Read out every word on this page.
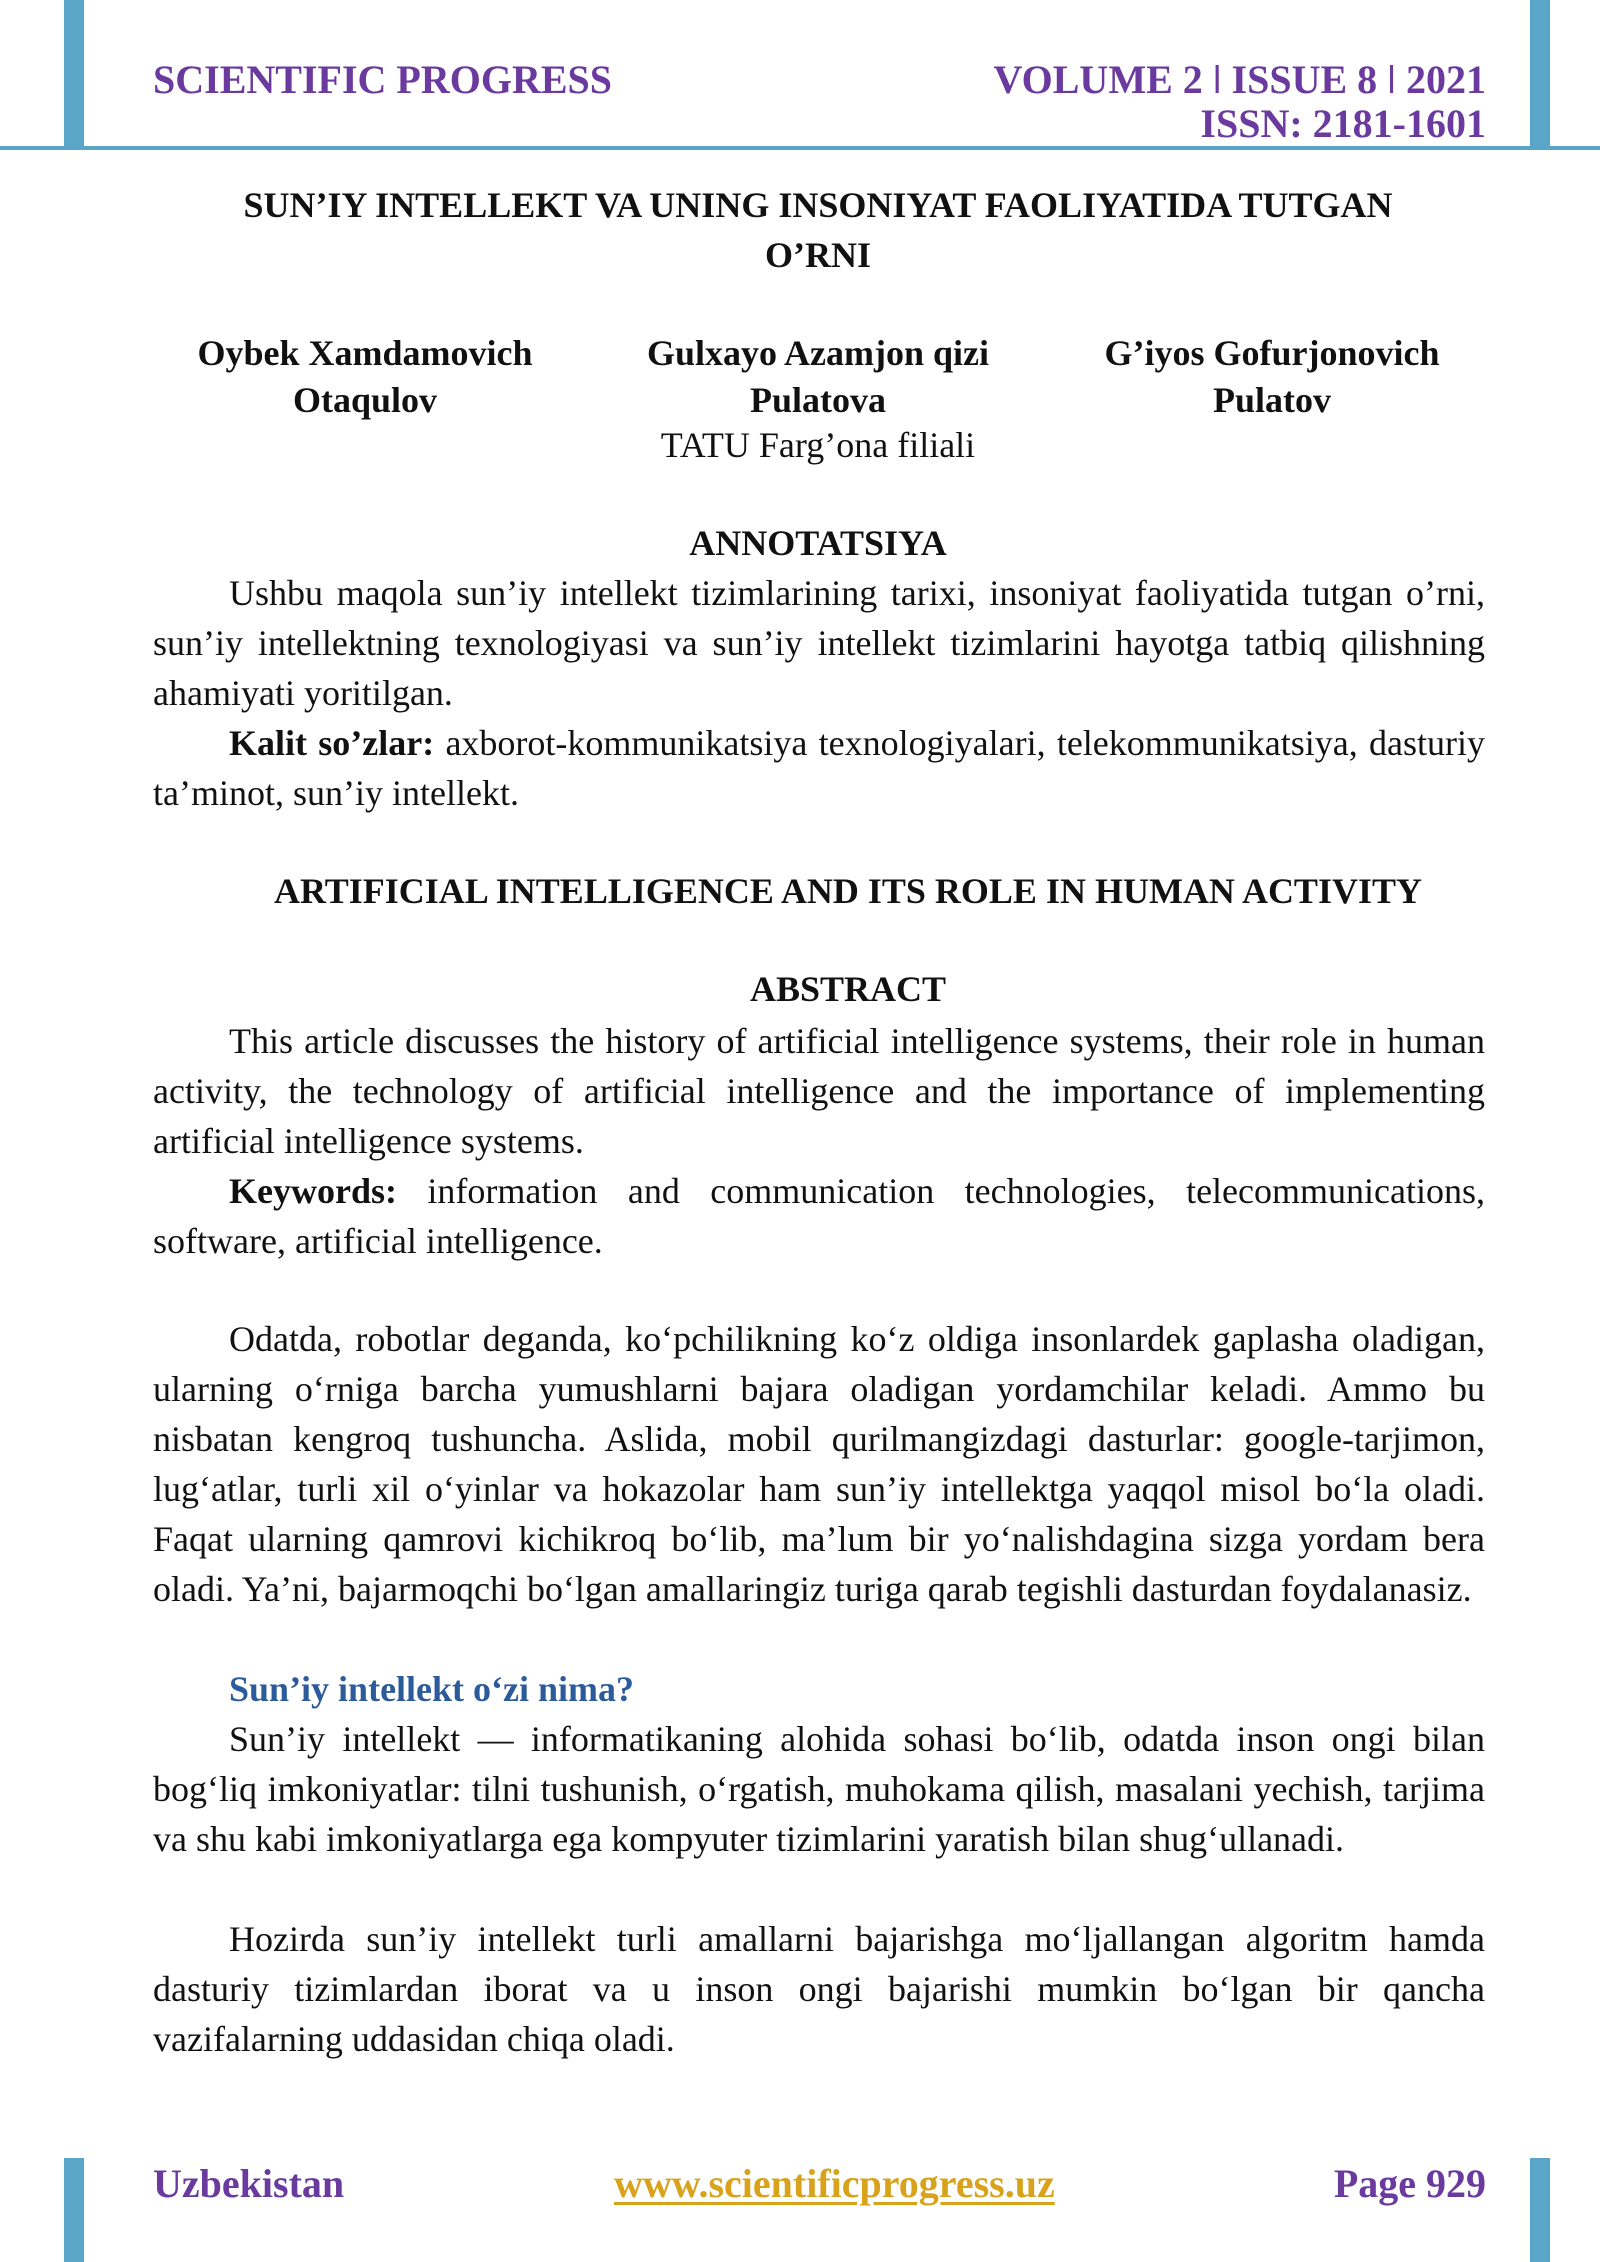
SCIENTIFIC PROGRESS	VOLUME 2 ǀ ISSUE 8 ǀ 2021
ISSN: 2181-1601
SUN’IY INTELLEKT VA UNING INSONIYAT FAOLIYATIDA TUTGAN
O’RNI
Oybek Xamdamovich
Otaqulov
Gulxayo Azamjon qizi
Pulatova
G’iyos Gofurjonovich
Pulatov
TATU Farg’ona filiali
ANNOTATSIYA
Ushbu maqola sun’iy intellekt tizimlarining tarixi, insoniyat faoliyatida tutgan o’rni, sun’iy intellektning texnologiyasi va sun’iy intellekt tizimlarini hayotga tatbiq qilishning ahamiyati yoritilgan.
Kalit so’zlar: axborot-kommunikatsiya texnologiyalari, telekommunikatsiya, dasturiy ta’minot, sun’iy intellekt.
ARTIFICIAL INTELLIGENCE AND ITS ROLE IN HUMAN ACTIVITY
ABSTRACT
This article discusses the history of artificial intelligence systems, their role in human activity, the technology of artificial intelligence and the importance of implementing artificial intelligence systems.
Keywords: information and communication technologies, telecommunications, software, artificial intelligence.
Odatda, robotlar deganda, ko‘pchilikning ko‘z oldiga insonlardek gaplasha oladigan, ularning o‘rniga barcha yumushlarni bajara oladigan yordamchilar keladi. Ammo bu nisbatan kengroq tushuncha. Aslida, mobil qurilmangizdagi dasturlar: google-tarjimon, lug‘atlar, turli xil o‘yinlar va hokazolar ham sun’iy intellektga yaqqol misol bo‘la oladi. Faqat ularning qamrovi kichikroq bo‘lib, ma’lum bir yo‘nalishdagina sizga yordam bera oladi. Ya’ni, bajarmoqchi bo‘lgan amallaringiz turiga qarab tegishli dasturdan foydalanasiz.
Sun’iy intellekt o‘zi nima?
Sun’iy intellekt — informatikaning alohida sohasi bo‘lib, odatda inson ongi bilan bog‘liq imkoniyatlar: tilni tushunish, o‘rgatish, muhokama qilish, masalani yechish, tarjima va shu kabi imkoniyatlarga ega kompyuter tizimlarini yaratish bilan shug‘ullanadi.
Hozirda sun’iy intellekt turli amallarni bajarishga mo‘ljallangan algoritm hamda dasturiy tizimlardan iborat va u inson ongi bajarishi mumkin bo‘lgan bir qancha vazifalarning uddasidan chiqa oladi.
Uzbekistan	www.scientificprogress.uz	Page 929
